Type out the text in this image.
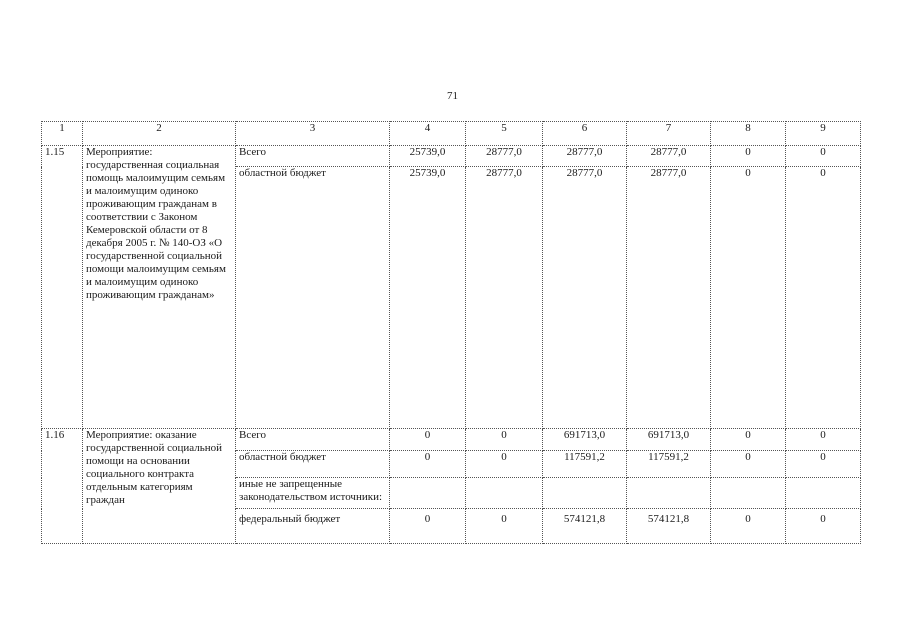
71
1	2	3	4	5	6	7	8	9
1.15	Мероприятие: государственная социальная помощь малоимущим семьям и малоимущим одиноко проживающим гражданам в соответствии с Законом Кемеровской области от 8 декабря 2005 г. № 140-ОЗ «О государственной социальной помощи малоимущим семьям и малоимущим одиноко проживающим гражданам»	Всего	25739,0	28777,0	28777,0	28777,0	0	0
		областной бюджет	25739,0	28777,0	28777,0	28777,0	0	0
1.16	Мероприятие: оказание государственной социальной помощи на основании социального контракта отдельным категориям граждан	Всего	0	0	691713,0	691713,0	0	0
		областной бюджет	0	0	117591,2	117591,2	0	0
		иные не запрещенные законодательством источники:						
		федеральный бюджет	0	0	574121,8	574121,8	0	0
